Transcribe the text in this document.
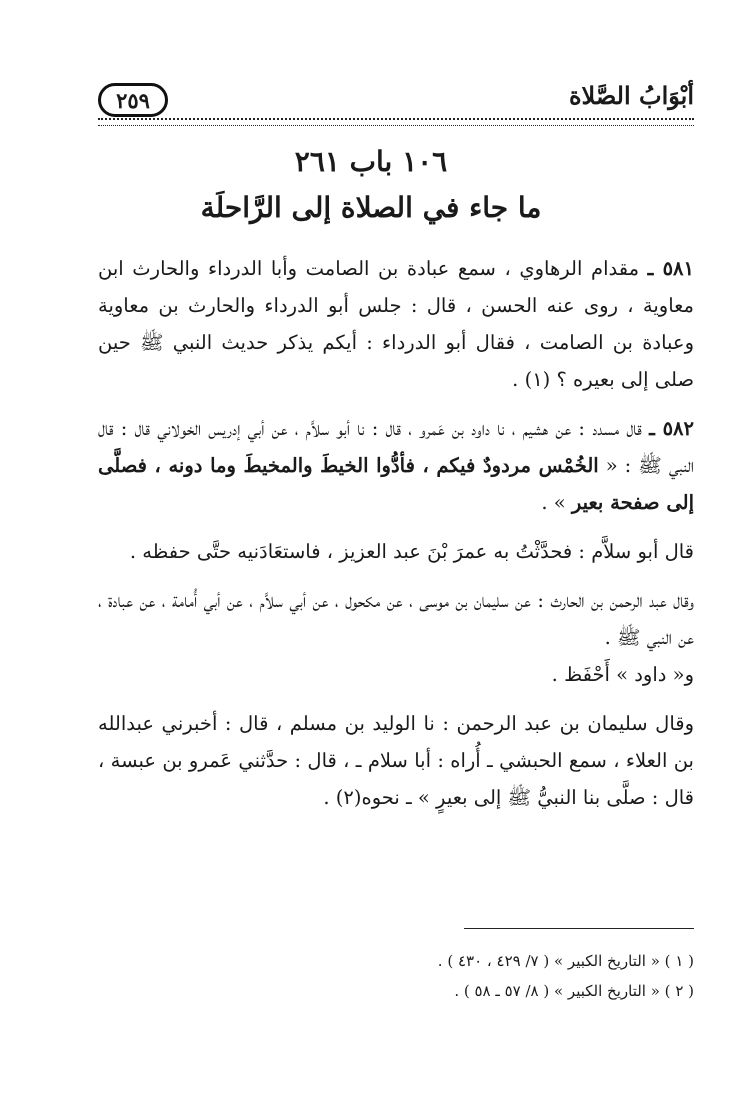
أبْوَابُ الصَّلاة
٢٥٩
١٠٦ باب ٢٦١
ما جاء في الصلاة إلى الرَّاحلَة

٥٨١ ـ مقدام الرهاوي ، سمع عبادة بن الصامت وأبا الدرداء والحارث ابن معاوية ، روى عنه الحسن ، قال : جلس أبو الدرداء والحارث بن معاوية وعبادة بن الصامت ، فقال أبو الدرداء : أيكم يذكر حديث النبي ﷺ حين صلى إلى بعيره ؟ (١) .

٥٨٢ ـ قال مسدد : عن هشيم ، نا داود بن عَمرو ، قال : نا أبو سلاَّم ، عن أبي إدريس الخولاني قال : قال النبي ﷺ : « الخُمْس مردودٌ فيكم ، فأدُّوا الخيطَ والمخيطَ وما دونه ، فصلَّى إلى صفحة بعير » .

قال أبو سلاَّم : فحدَّثْتُ به عمرَ بْنَ عبد العزيز ، فاستعَادَنيه حتَّى حفظه .

وقال عبد الرحمن بن الحارث : عن سليمان بن موسى ، عن مكحول ، عن أبي سلاَّم ، عن أبي أُمامة ، عن عبادة ، عن النبي ﷺ .

و« داود » أَحْفَظ .

وقال سليمان بن عبد الرحمن : نا الوليد بن مسلم ، قال : أخبرني عبدالله بن العلاء ، سمع الحبشي ـ أُراه : أبا سلام ـ ، قال : حدَّثني عَمرو بن عبسة ، قال : صلَّى بنا النبيُّ ﷺ إلى بعيرٍ » ـ نحوه(٢) .

( ١ ) « التاريخ الكبير » ( ٧/ ٤٢٩ ، ٤٣٠ ) .

( ٢ ) « التاريخ الكبير » ( ٨/ ٥٧ ـ ٥٨ ) .
